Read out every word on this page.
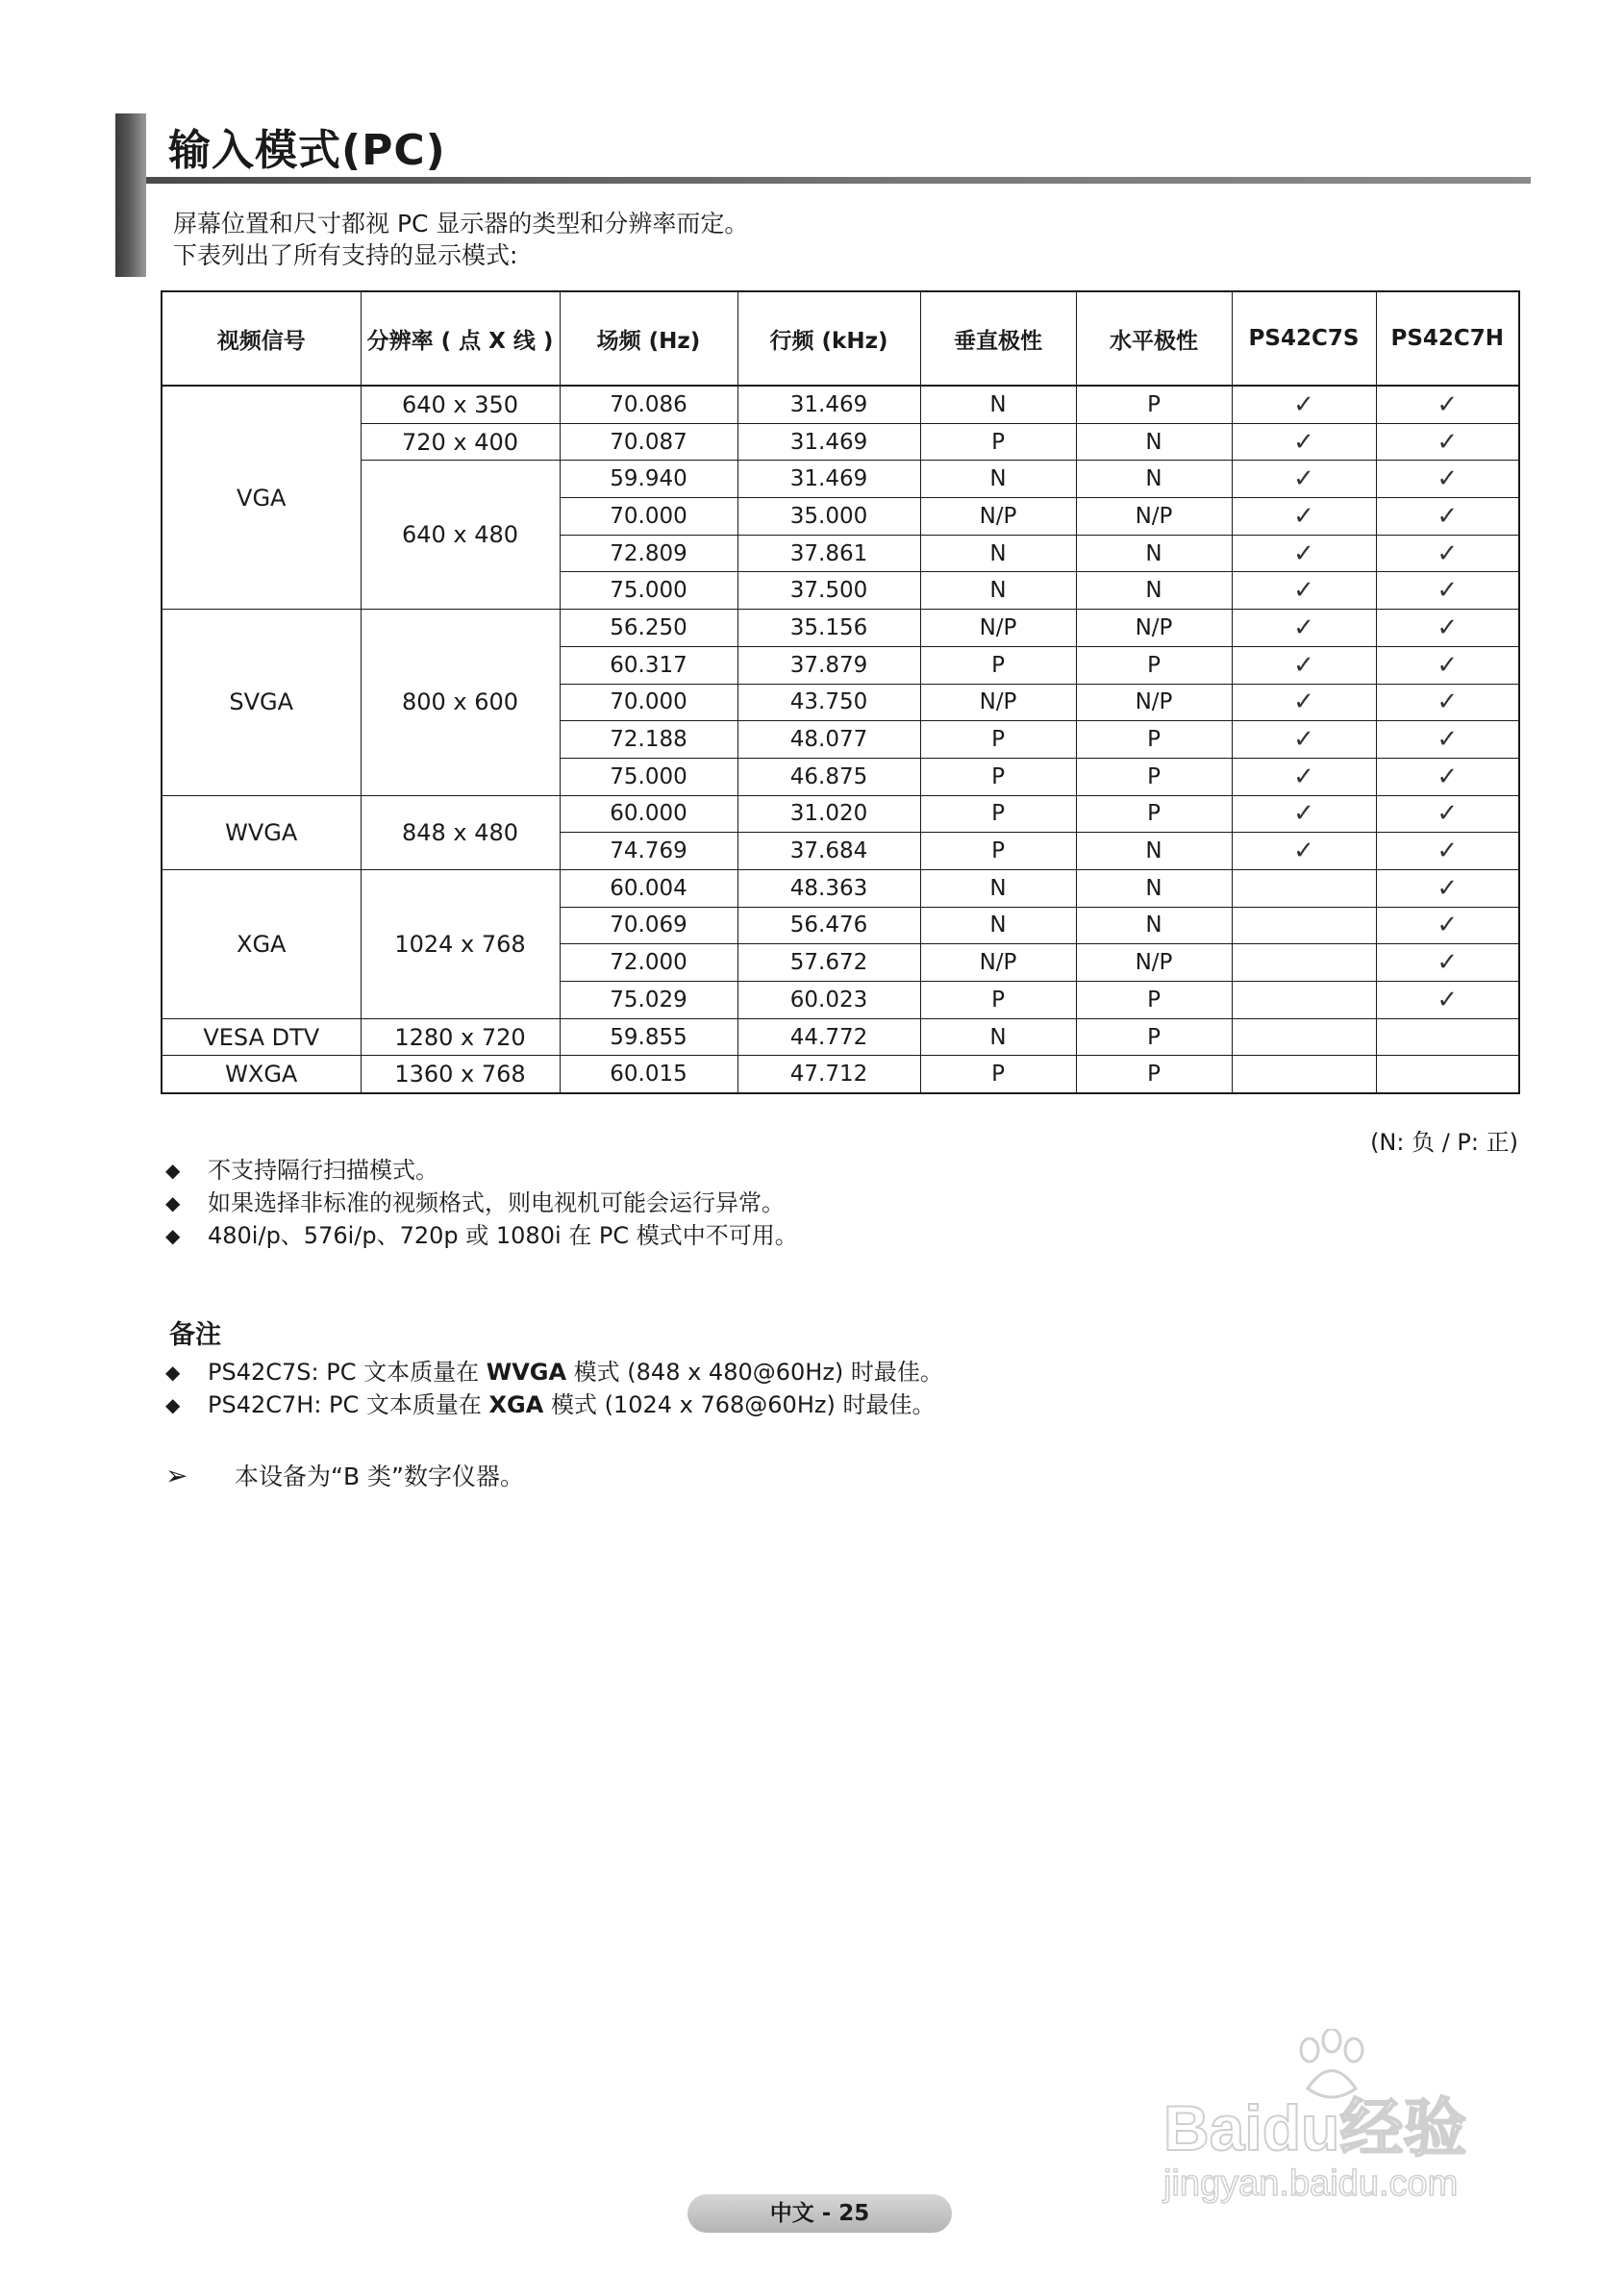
输入模式(PC)
屏幕位置和尺寸都视 PC 显示器的类型和分辨率而定。
下表列出了所有支持的显示模式:
视频信号	分辨率 ( 点 X 线 )	场频 (Hz)	行频 (kHz)	垂直极性	水平极性	PS42C7S	PS42C7H
VGA	640 x 350	70.086	31.469	N	P	✓	✓
	720 x 400	70.087	31.469	P	N	✓	✓
	640 x 480	59.940	31.469	N	N	✓	✓
		70.000	35.000	N/P	N/P	✓	✓
		72.809	37.861	N	N	✓	✓
		75.000	37.500	N	N	✓	✓
SVGA	800 x 600	56.250	35.156	N/P	N/P	✓	✓
		60.317	37.879	P	P	✓	✓
		70.000	43.750	N/P	N/P	✓	✓
		72.188	48.077	P	P	✓	✓
		75.000	46.875	P	P	✓	✓
WVGA	848 x 480	60.000	31.020	P	P	✓	✓
		74.769	37.684	P	N	✓	✓
XGA	1024 x 768	60.004	48.363	N	N		✓
		70.069	56.476	N	N		✓
		72.000	57.672	N/P	N/P		✓
		75.029	60.023	P	P		✓
VESA DTV	1280 x 720	59.855	44.772	N	P		
WXGA	1360 x 768	60.015	47.712	P	P		
(N: 负 / P: 正)
◆ 不支持隔行扫描模式。
◆ 如果选择非标准的视频格式，则电视机可能会运行异常。
◆ 480i/p、576i/p、720p 或 1080i 在 PC 模式中不可用。
备注
◆ PS42C7S: PC 文本质量在 WVGA 模式 (848 x 480@60Hz) 时最佳。
◆ PS42C7H: PC 文本质量在 XGA 模式 (1024 x 768@60Hz) 时最佳。
➢ 本设备为“B 类”数字仪器。
Baidu经验
jingyan.baidu.com
中文 - 25
